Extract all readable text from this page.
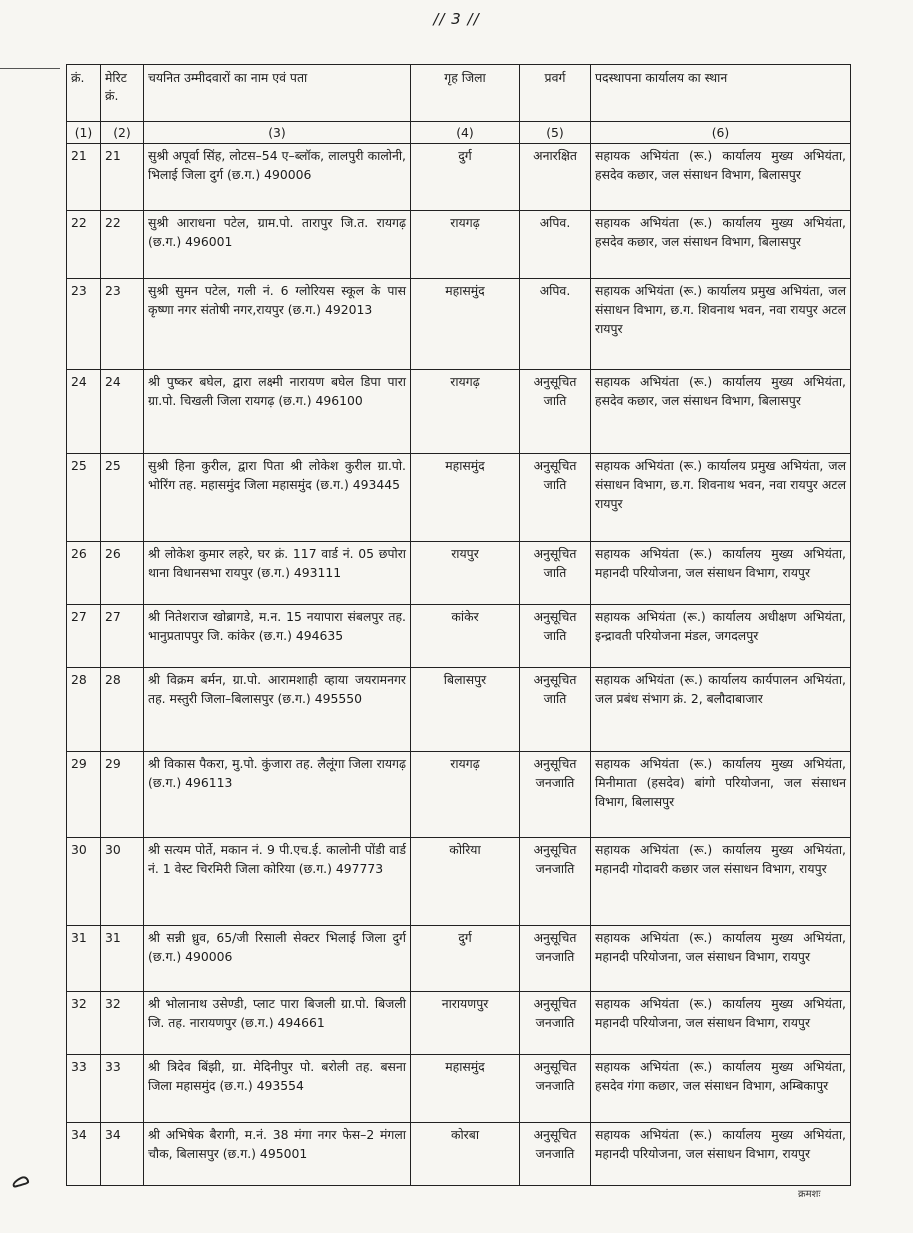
// 3 //
क्रं.	मेरिट क्रं.	चयनित उम्मीदवारों का नाम एवं पता	गृह जिला	प्रवर्ग	पदस्थापना कार्यालय का स्थान
(1)	(2)	(3)	(4)	(5)	(6)
21	21	सुश्री अपूर्वा सिंह, लोटस–54 ए–ब्लॉक, लालपुरी कालोनी, भिलाई जिला दुर्ग (छ.ग.) 490006	दुर्ग	अनारक्षित	सहायक अभियंता (रू.) कार्यालय मुख्य अभियंता, हसदेव कछार, जल संसाधन विभाग, बिलासपुर
22	22	सुश्री आराधना पटेल, ग्राम.पो. तारापुर जि.त. रायगढ़ (छ.ग.) 496001	रायगढ़	अपिव.	सहायक अभियंता (रू.) कार्यालय मुख्य अभियंता, हसदेव कछार, जल संसाधन विभाग, बिलासपुर
23	23	सुश्री सुमन पटेल, गली नं. 6 ग्लोरियस स्कूल के पास कृष्णा नगर संतोषी नगर,रायपुर (छ.ग.) 492013	महासमुंद	अपिव.	सहायक अभियंता (रू.) कार्यालय प्रमुख अभियंता, जल संसाधन विभाग, छ.ग. शिवनाथ भवन, नवा रायपुर अटल रायपुर
24	24	श्री पुष्कर बघेल, द्वारा लक्ष्मी नारायण बघेल डिपा पारा ग्रा.पो. चिखली जिला रायगढ़ (छ.ग.) 496100	रायगढ़	अनुसूचित जाति	सहायक अभियंता (रू.) कार्यालय मुख्य अभियंता, हसदेव कछार, जल संसाधन विभाग, बिलासपुर
25	25	सुश्री हिना कुरील, द्वारा पिता श्री लोकेश कुरील ग्रा.पो. भोरिंग तह. महासमुंद जिला महासमुंद (छ.ग.) 493445	महासमुंद	अनुसूचित जाति	सहायक अभियंता (रू.) कार्यालय प्रमुख अभियंता, जल संसाधन विभाग, छ.ग. शिवनाथ भवन, नवा रायपुर अटल रायपुर
26	26	श्री लोकेश कुमार लहरे, घर क्रं. 117 वार्ड नं. 05 छपोरा थाना विधानसभा रायपुर (छ.ग.) 493111	रायपुर	अनुसूचित जाति	सहायक अभियंता (रू.) कार्यालय मुख्य अभियंता, महानदी परियोजना, जल संसाधन विभाग, रायपुर
27	27	श्री नितेशराज खोब्रागडे, म.न. 15 नयापारा संबलपुर तह. भानुप्रतापपुर जि. कांकेर (छ.ग.) 494635	कांकेर	अनुसूचित जाति	सहायक अभियंता (रू.) कार्यालय अधीक्षण अभियंता, इन्द्रावती परियोजना मंडल, जगदलपुर
28	28	श्री विक्रम बर्मन, ग्रा.पो. आरामशाही व्हाया जयरामनगर तह. मस्तुरी जिला–बिलासपुर (छ.ग.) 495550	बिलासपुर	अनुसूचित जाति	सहायक अभियंता (रू.) कार्यालय कार्यपालन अभियंता, जल प्रबंध संभाग क्रं. 2, बलौदाबाजार
29	29	श्री विकास पैकरा, मु.पो. कुंजारा तह. लैलूंगा जिला रायगढ़ (छ.ग.) 496113	रायगढ़	अनुसूचित जनजाति	सहायक अभियंता (रू.) कार्यालय मुख्य अभियंता, मिनीमाता (हसदेव) बांगो परियोजना, जल संसाधन विभाग, बिलासपुर
30	30	श्री सत्यम पोर्ते, मकान नं. 9 पी.एच.ई. कालोनी पोंडी वार्ड नं. 1 वेस्ट चिरमिरी जिला कोरिया (छ.ग.) 497773	कोरिया	अनुसूचित जनजाति	सहायक अभियंता (रू.) कार्यालय मुख्य अभियंता, महानदी गोदावरी कछार जल संसाधन विभाग, रायपुर
31	31	श्री सन्नी ध्रुव, 65/जी रिसाली सेक्टर भिलाई जिला दुर्ग (छ.ग.) 490006	दुर्ग	अनुसूचित जनजाति	सहायक अभियंता (रू.) कार्यालय मुख्य अभियंता, महानदी परियोजना, जल संसाधन विभाग, रायपुर
32	32	श्री भोलानाथ उसेण्डी, प्लाट पारा बिजली ग्रा.पो. बिजली जि. तह. नारायणपुर (छ.ग.) 494661	नारायणपुर	अनुसूचित जनजाति	सहायक अभियंता (रू.) कार्यालय मुख्य अभियंता, महानदी परियोजना, जल संसाधन विभाग, रायपुर
33	33	श्री त्रिदेव बिंझी, ग्रा. मेदिनीपुर पो. बरोली तह. बसना जिला महासमुंद (छ.ग.) 493554	महासमुंद	अनुसूचित जनजाति	सहायक अभियंता (रू.) कार्यालय मुख्य अभियंता, हसदेव गंगा कछार, जल संसाधन विभाग, अम्बिकापुर
34	34	श्री अभिषेक बैरागी, म.नं. 38 मंगा नगर फेस–2 मंगला चौक, बिलासपुर (छ.ग.) 495001	कोरबा	अनुसूचित जनजाति	सहायक अभियंता (रू.) कार्यालय मुख्य अभियंता, महानदी परियोजना, जल संसाधन विभाग, रायपुर
ࡇ	क्रमशः
